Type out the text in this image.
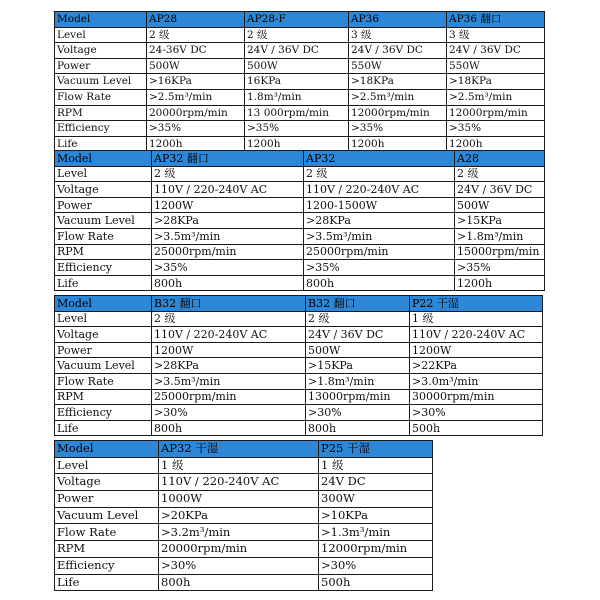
Model	AP28	AP28-F	AP36	AP36 翻口
Level	2 级	2 级	3 级	3 级
Voltage	24-36V DC	24V / 36V DC	24V / 36V DC	24V / 36V DC
Power	500W	500W	550W	550W
Vacuum Level	>16KPa	16KPa	>18KPa	>18KPa
Flow Rate	>2.5m³/min	1.8m³/min	>2.5m³/min	>2.5m³/min
RPM	20000rpm/min	13 000rpm/min	12000rpm/min	12000rpm/min
Efficiency	>35%	>35%	>35%	>35%
Life	1200h	1200h	1200h	1200h
Model	AP32 翻口	AP32	A28
Level	2 级	2 级	2 级
Voltage	110V / 220-240V AC	110V / 220-240V AC	24V / 36V DC
Power	1200W	1200-1500W	500W
Vacuum Level	>28KPa	>28KPa	>15KPa
Flow Rate	>3.5m³/min	>3.5m³/min	>1.8m³/min
RPM	25000rpm/min	25000rpm/min	15000rpm/min
Efficiency	>35%	>35%	>35%
Life	800h	800h	1200h
Model	B32 翻口	B32 翻口	P22 干湿
Level	2 级	2 级	1 级
Voltage	110V / 220-240V AC	24V / 36V DC	110V / 220-240V AC
Power	1200W	500W	1200W
Vacuum Level	>28KPa	>15KPa	>22KPa
Flow Rate	>3.5m³/min	>1.8m³/min	>3.0m³/min
RPM	25000rpm/min	13000rpm/min	30000rpm/min
Efficiency	>30%	>30%	>30%
Life	800h	800h	500h
Model	AP32 干湿	P25 干湿
Level	1 级	1 级
Voltage	110V / 220-240V AC	24V DC
Power	1000W	300W
Vacuum Level	>20KPa	>10KPa
Flow Rate	>3.2m³/min	>1.3m³/min
RPM	20000rpm/min	12000rpm/min
Efficiency	>30%	>30%
Life	800h	500h
